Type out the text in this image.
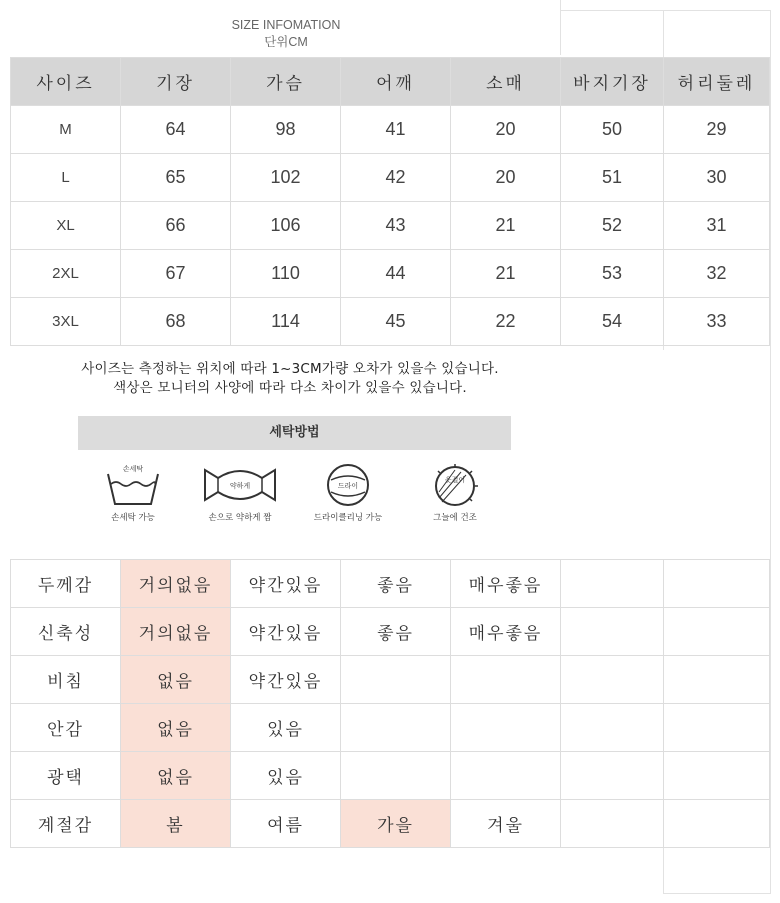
SIZE INFOMATION
단위CM
사이즈	기장	가슴	어깨	소매	바지기장	허리둘레
M	64	98	41	20	50	29
L	65	102	42	20	51	30
XL	66	106	43	21	52	31
2XL	67	110	44	21	53	32
3XL	68	114	45	22	54	33
사이즈는 측정하는 위치에 따라 1~3CM가량 오차가 있을수 있습니다.
색상은 모니터의 사양에 따라 다소 차이가 있을수 있습니다.
세탁방법
손세탁
손세탁 가능
약하게
손으로 약하게 짬
드라이
드라이클리닝 가능
옷걸이
그늘에 건조
두께감	거의없음	약간있음	좋음	매우좋음		
신축성	거의없음	약간있음	좋음	매우좋음		
비침	없음	약간있음				
안감	없음	있음				
광택	없음	있음				
계절감	봄	여름	가을	겨울		
